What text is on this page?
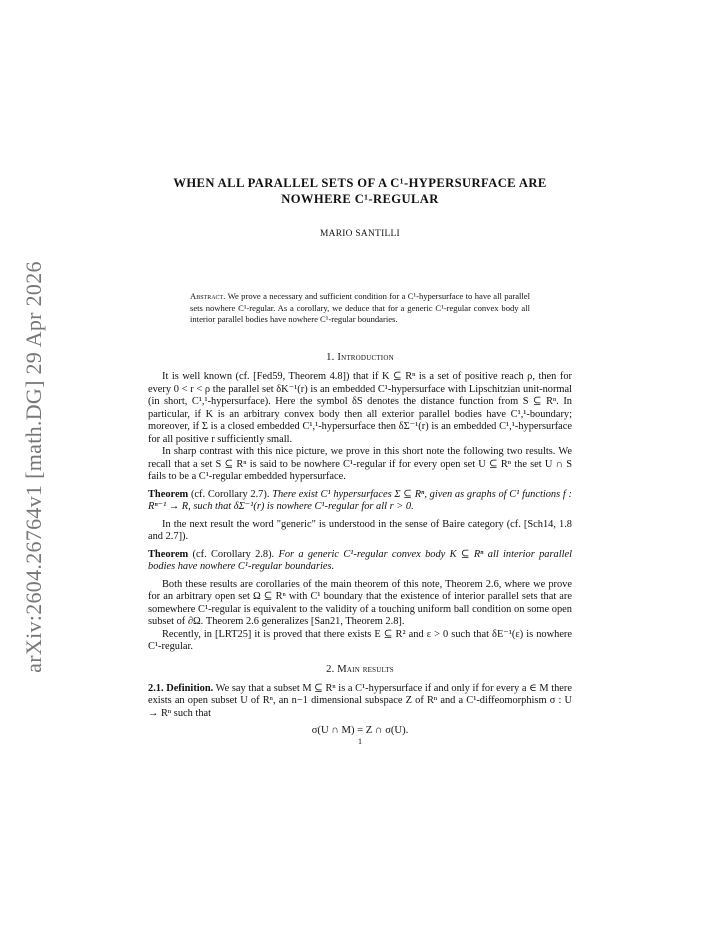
arXiv:2604.26764v1 [math.DG] 29 Apr 2026
WHEN ALL PARALLEL SETS OF A C¹-HYPERSURFACE ARE
NOWHERE C¹-REGULAR
MARIO SANTILLI
Abstract. We prove a necessary and sufficient condition for a C¹-hypersurface to have all parallel sets nowhere C¹-regular. As a corollary, we deduce that for a generic C¹-regular convex body all interior parallel bodies have nowhere C¹-regular boundaries.
1. Introduction
It is well known (cf. [Fed59, Theorem 4.8]) that if K ⊆ Rⁿ is a set of positive reach ρ, then for every 0 < r < ρ the parallel set δK⁻¹(r) is an embedded C¹-hypersurface with Lipschitzian unit-normal (in short, C¹,¹-hypersurface). Here the symbol δS denotes the distance function from S ⊆ Rⁿ. In particular, if K is an arbitrary convex body then all exterior parallel bodies have C¹,¹-boundary; moreover, if Σ is a closed embedded C¹,¹-hypersurface then δΣ⁻¹(r) is an embedded C¹,¹-hypersurface for all positive r sufficiently small.
In sharp contrast with this nice picture, we prove in this short note the following two results. We recall that a set S ⊆ Rⁿ is said to be nowhere C¹-regular if for every open set U ⊆ Rⁿ the set U ∩ S fails to be a C¹-regular embedded hypersurface.
Theorem (cf. Corollary 2.7). There exist C¹ hypersurfaces Σ ⊆ Rⁿ, given as graphs of C¹ functions f : Rⁿ⁻¹ → R, such that δΣ⁻¹(r) is nowhere C¹-regular for all r > 0.
In the next result the word "generic" is understood in the sense of Baire category (cf. [Sch14, 1.8 and 2.7]).
Theorem (cf. Corollary 2.8). For a generic C¹-regular convex body K ⊆ Rⁿ all interior parallel bodies have nowhere C¹-regular boundaries.
Both these results are corollaries of the main theorem of this note, Theorem 2.6, where we prove for an arbitrary open set Ω ⊆ Rⁿ with C¹ boundary that the existence of interior parallel sets that are somewhere C¹-regular is equivalent to the validity of a touching uniform ball condition on some open subset of ∂Ω. Theorem 2.6 generalizes [San21, Theorem 2.8].
Recently, in [LRT25] it is proved that there exists E ⊆ R² and ε > 0 such that δE⁻¹(ε) is nowhere C¹-regular.
2. Main results
2.1. Definition. We say that a subset M ⊆ Rⁿ is a C¹-hypersurface if and only if for every a ∈ M there exists an open subset U of Rⁿ, an n−1 dimensional subspace Z of Rⁿ and a C¹-diffeomorphism σ : U → Rⁿ such that
σ(U ∩ M) = Z ∩ σ(U).
1
